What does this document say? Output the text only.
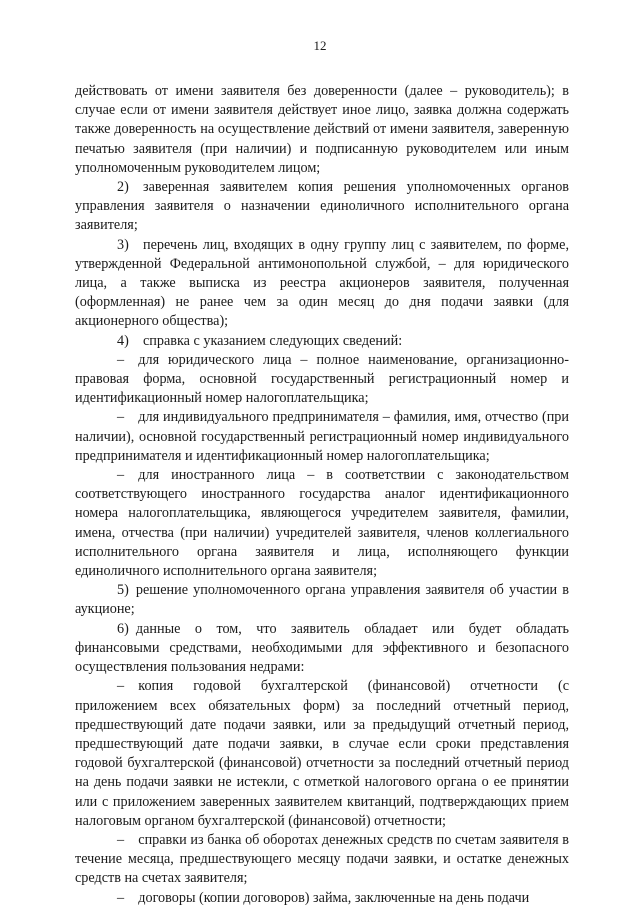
12

действовать от имени заявителя без доверенности (далее – руководитель); в случае если от имени заявителя действует иное лицо, заявка должна содержать также доверенность на осуществление действий от имени заявителя, заверенную печатью заявителя (при наличии) и подписанную руководителем или иным уполномоченным руководителем лицом;

2) заверенная заявителем копия решения уполномоченных органов управления заявителя о назначении единоличного исполнительного органа заявителя;

3) перечень лиц, входящих в одну группу лиц с заявителем, по форме, утвержденной Федеральной антимонопольной службой, – для юридического лица, а также выписка из реестра акционеров заявителя, полученная (оформленная) не ранее чем за один месяц до дня подачи заявки (для акционерного общества);

4) справка с указанием следующих сведений:

– для юридического лица – полное наименование, организационно-правовая форма, основной государственный регистрационный номер и идентификационный номер налогоплательщика;

– для индивидуального предпринимателя – фамилия, имя, отчество (при наличии), основной государственный регистрационный номер индивидуального предпринимателя и идентификационный номер налогоплательщика;

– для иностранного лица – в соответствии с законодательством соответствующего иностранного государства аналог идентификационного номера налогоплательщика, являющегося учредителем заявителя, фамилии, имена, отчества (при наличии) учредителей заявителя, членов коллегиального исполнительного органа заявителя и лица, исполняющего функции единоличного исполнительного органа заявителя;

5) решение уполномоченного органа управления заявителя об участии в аукционе;

6) данные о том, что заявитель обладает или будет обладать финансовыми средствами, необходимыми для эффективного и безопасного осуществления пользования недрами:

– копия годовой бухгалтерской (финансовой) отчетности (с приложением всех обязательных форм) за последний отчетный период, предшествующий дате подачи заявки, или за предыдущий отчетный период, предшествующий дате подачи заявки, в случае если сроки представления годовой бухгалтерской (финансовой) отчетности за последний отчетный период на день подачи заявки не истекли, с отметкой налогового органа о ее принятии или с приложением заверенных заявителем квитанций, подтверждающих прием налоговым органом бухгалтерской (финансовой) отчетности;

– справки из банка об оборотах денежных средств по счетам заявителя в течение месяца, предшествующего месяцу подачи заявки, и остатке денежных средств на счетах заявителя;

– договоры (копии договоров) займа, заключенные на день подачи
